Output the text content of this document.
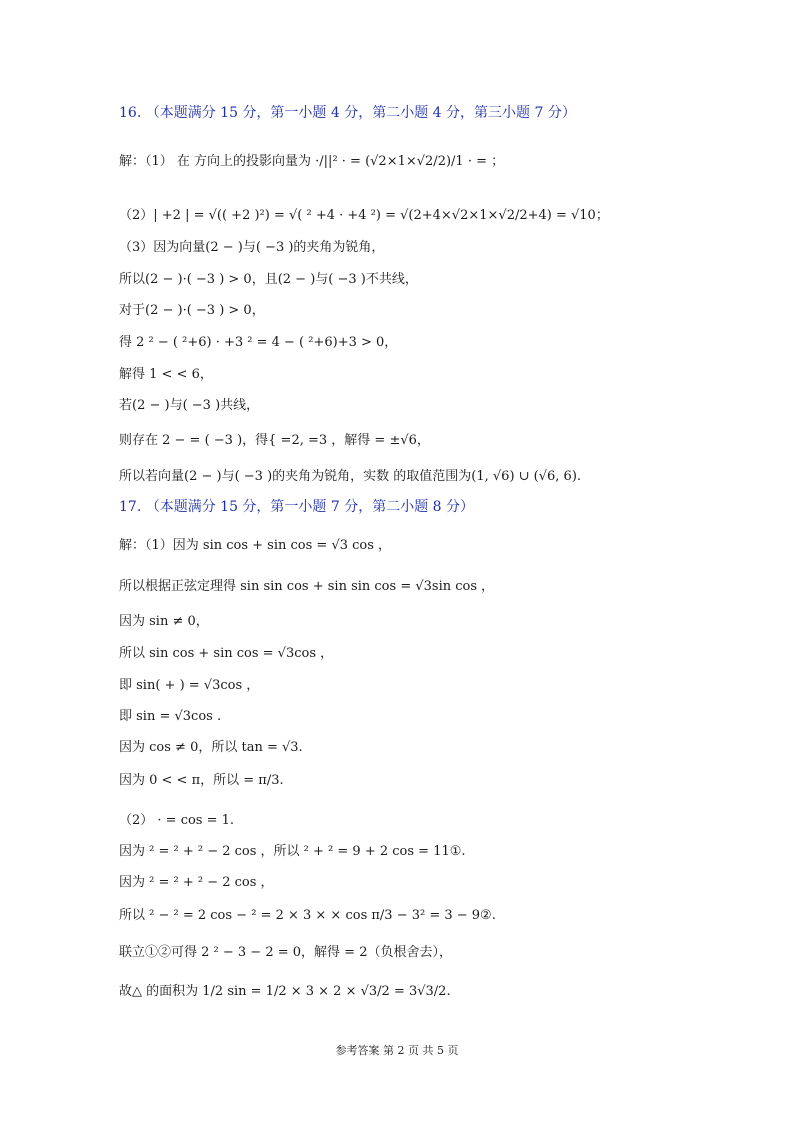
16. （本题满分 15 分，第一小题 4 分，第二小题 4 分，第三小题 7 分）
解：（1） 在 方向上的投影向量为 ·/||² · = (√2×1×√2/2)/1 · = ；
（2）| +2 | = √(( +2 )²) = √( ² +4 · +4 ²) = √(2+4×√2×1×√2/2+4) = √10；
（3）因为向量(2 − )与( −3 )的夹角为锐角，
所以(2 − )·( −3 ) > 0，且(2 − )与( −3 )不共线，
对于(2 − )·( −3 ) > 0，
得 2 ² − ( ²+6) · +3 ² = 4 − ( ²+6)+3 > 0，
解得 1 < < 6，
若(2 − )与( −3 )共线，
则存在 2 − = ( −3 )，得{ =2, =3 ，解得 = ±√6，
所以若向量(2 − )与( −3 )的夹角为锐角，实数 的取值范围为(1, √6) ∪ (√6, 6).
17. （本题满分 15 分，第一小题 7 分，第二小题 8 分）
解：（1）因为 sin cos + sin cos = √3 cos ，
所以根据正弦定理得 sin sin cos + sin sin cos = √3sin cos ，
因为 sin ≠ 0，
所以 sin cos + sin cos = √3cos ，
即 sin( + ) = √3cos ，
即 sin = √3cos .
因为 cos ≠ 0，所以 tan = √3.
因为 0 < < π，所以 = π/3.
（2） · = cos = 1.
因为 ² = ² + ² − 2 cos ，所以 ² + ² = 9 + 2 cos = 11①.
因为 ² = ² + ² − 2 cos ，
所以 ² − ² = 2 cos − ² = 2 × 3 × × cos π/3 − 3² = 3 − 9②.
联立①②可得 2 ² − 3 − 2 = 0，解得 = 2（负根舍去），
故△ 的面积为 1/2 sin = 1/2 × 3 × 2 × √3/2 = 3√3/2.
参考答案 第 2 页 共 5 页
